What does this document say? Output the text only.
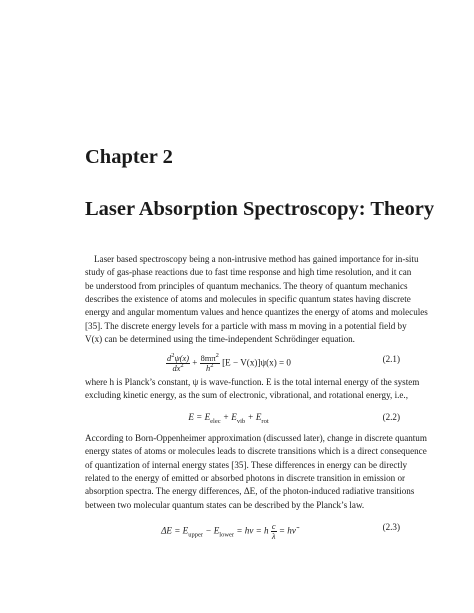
Chapter 2
Laser Absorption Spectroscopy: Theory
Laser based spectroscopy being a non-intrusive method has gained importance for in-situ
study of gas-phase reactions due to fast time response and high time resolution, and it can
be understood from principles of quantum mechanics. The theory of quantum mechanics
describes the existence of atoms and molecules in specific quantum states having discrete
energy and angular momentum values and hence quantizes the energy of atoms and molecules
[35]. The discrete energy levels for a particle with mass m moving in a potential field by
V(x) can be determined using the time-independent Schrödinger equation.
$\frac{d^2\psi(x)}{dx^2} + \frac{8m\pi^2}{h^2} [E - V(x)]\psi(x) = 0$	(2.1)
where h is Planck’s constant, ψ is wave-function. E is the total internal energy of the system
excluding kinetic energy, as the sum of electronic, vibrational, and rotational energy, i.e.,
$E = E_{elec} + E_{vib} + E_{rot}$	(2.2)
According to Born-Oppenheimer approximation (discussed later), change in discrete quantum
energy states of atoms or molecules leads to discrete transitions which is a direct consequence
of quantization of internal energy states [35]. These differences in energy can be directly
related to the energy of emitted or absorbed photons in discrete transition in emission or
absorption spectra. The energy differences, ΔE, of the photon-induced radiative transitions
between two molecular quantum states can be described by the Planck’s law.
$\Delta E = E_{upper} - E_{lower} = h\nu = h \frac{c}{\lambda}$ = hν̃	(2.3)
